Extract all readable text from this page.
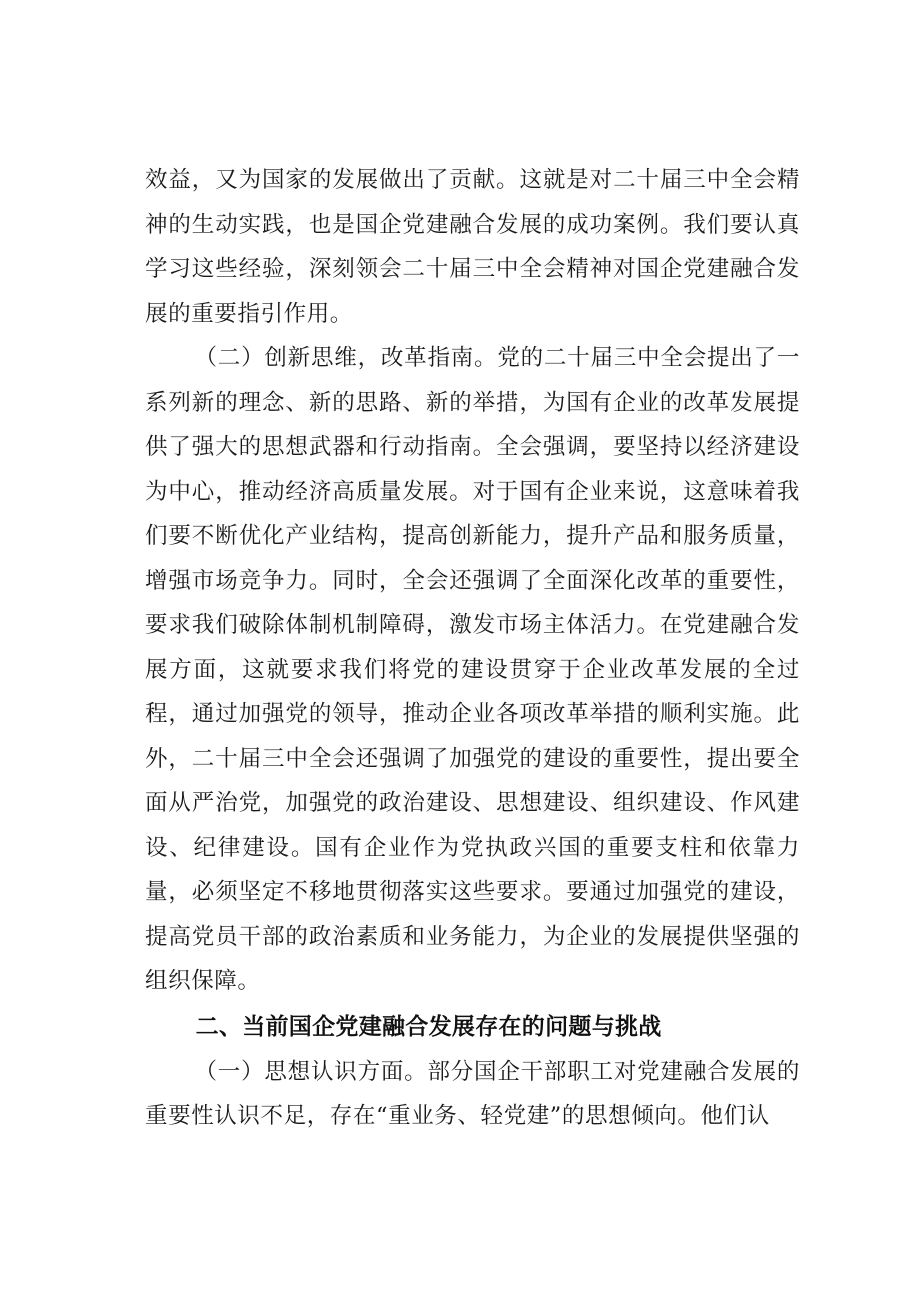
效益，又为国家的发展做出了贡献。这就是对二十届三中全会精神的生动实践，也是国企党建融合发展的成功案例。我们要认真学习这些经验，深刻领会二十届三中全会精神对国企党建融合发展的重要指引作用。

（二）创新思维，改革指南。党的二十届三中全会提出了一系列新的理念、新的思路、新的举措，为国有企业的改革发展提供了强大的思想武器和行动指南。全会强调，要坚持以经济建设为中心，推动经济高质量发展。对于国有企业来说，这意味着我们要不断优化产业结构，提高创新能力，提升产品和服务质量，增强市场竞争力。同时，全会还强调了全面深化改革的重要性，要求我们破除体制机制障碍，激发市场主体活力。在党建融合发展方面，这就要求我们将党的建设贯穿于企业改革发展的全过程，通过加强党的领导，推动企业各项改革举措的顺利实施。此外，二十届三中全会还强调了加强党的建设的重要性，提出要全面从严治党，加强党的政治建设、思想建设、组织建设、作风建设、纪律建设。国有企业作为党执政兴国的重要支柱和依靠力量，必须坚定不移地贯彻落实这些要求。要通过加强党的建设，提高党员干部的政治素质和业务能力，为企业的发展提供坚强的组织保障。

二、当前国企党建融合发展存在的问题与挑战

（一）思想认识方面。部分国企干部职工对党建融合发展的重要性认识不足，存在“重业务、轻党建”的思想倾向。他们认
